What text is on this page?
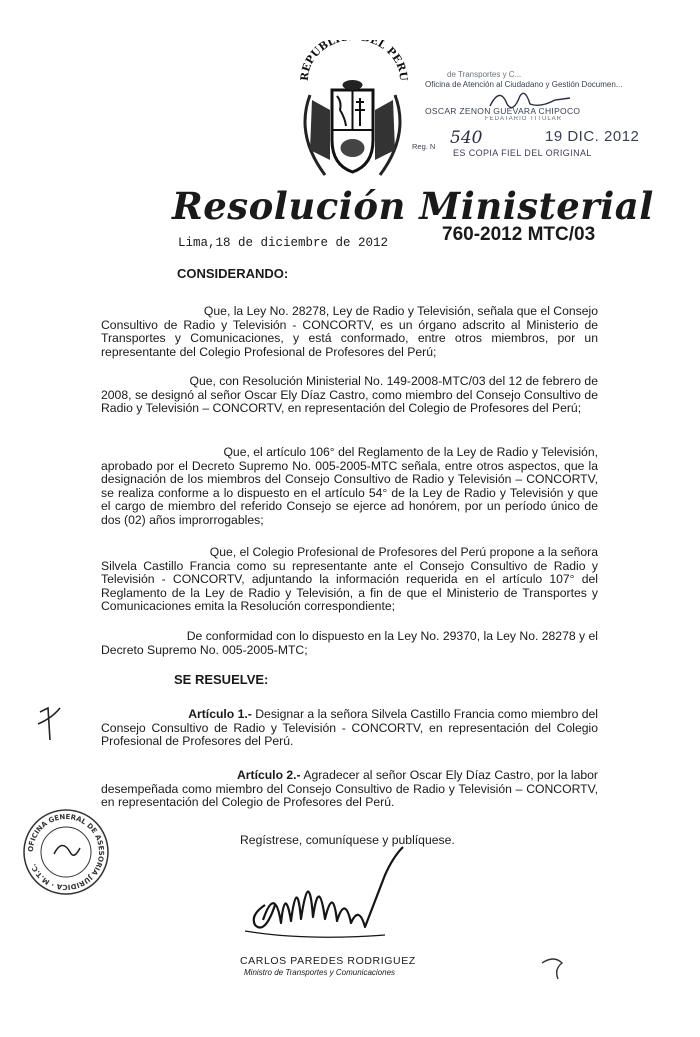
REPUBL EL PERU	de Transportes y C...
Oficina de Atención al Ciudadano y Gestión Documen...
OSCAR ZENON GUEVARA CHIPOCO
FEDATARIO TITULAR
Reg. N 540	19 DIC. 2012
ES COPIA FIEL DEL ORIGINAL
Resolución Ministerial
Lima,18 de diciembre de 2012	760-2012 MTC/03
CONSIDERANDO:
Que, la Ley No. 28278, Ley de Radio y Televisión, señala que el Consejo
Consultivo de Radio y Televisión - CONCORTV, es un órgano adscrito al Ministerio de Transportes y Comunicaciones, y está conformado, entre otros miembros, por un representante del Colegio Profesional de Profesores del Perú;
Que, con Resolución Ministerial No. 149-2008-MTC/03 del 12 de febrero de
2008, se designó al señor Oscar Ely Díaz Castro, como miembro del Consejo Consultivo de Radio y Televisión – CONCORTV, en representación del Colegio de Profesores del Perú;
Que, el artículo 106° del Reglamento de la Ley de Radio y Televisión,
aprobado por el Decreto Supremo No. 005-2005-MTC señala, entre otros aspectos, que la designación de los miembros del Consejo Consultivo de Radio y Televisión – CONCORTV, se realiza conforme a lo dispuesto en el artículo 54° de la Ley de Radio y Televisión y que el cargo de miembro del referido Consejo se ejerce ad honórem, por un período único de dos (02) años improrrogables;
Que, el Colegio Profesional de Profesores del Perú propone a la señora
Silvela Castillo Francia como su representante ante el Consejo Consultivo de Radio y Televisión - CONCORTV, adjuntando la información requerida en el artículo 107° del Reglamento de la Ley de Radio y Televisión, a fin de que el Ministerio de Transportes y Comunicaciones emita la Resolución correspondiente;
De conformidad con lo dispuesto en la Ley No. 29370, la Ley No. 28278 y el
Decreto Supremo No. 005-2005-MTC;
SE RESUELVE:
Artículo 1.- Designar a la señora Silvela Castillo Francia como miembro del
Consejo Consultivo de Radio y Televisión - CONCORTV, en representación del Colegio Profesional de Profesores del Perú.
Artículo 2.- Agradecer al señor Oscar Ely Díaz Castro, por la labor
desempeñada como miembro del Consejo Consultivo de Radio y Televisión – CONCORTV, en representación del Colegio de Profesores del Perú.
Regístrese, comuníquese y publíquese.
OFICINA GENERAL DE ASESORIA JURIDICA · M.T.C.
CARLOS PAREDES RODRIGUEZ
Ministro de Transportes y Comunicaciones
